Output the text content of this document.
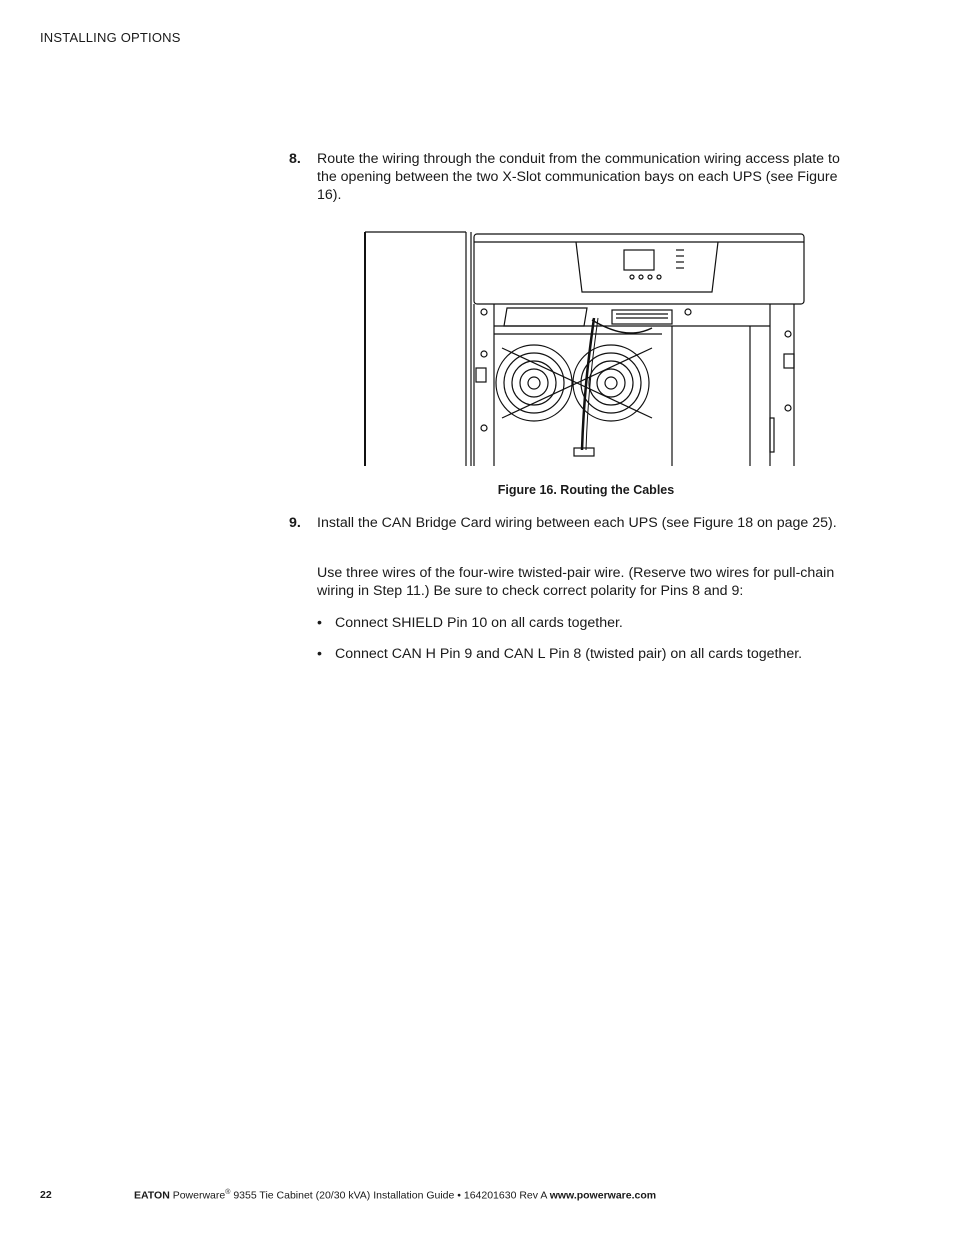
INSTALLING OPTIONS
8. Route the wiring through the conduit from the communication wiring access plate to the opening between the two X-Slot communication bays on each UPS (see Figure 16).
Figure 16. Routing the Cables
9. Install the CAN Bridge Card wiring between each UPS (see Figure 18 on page 25).
Use three wires of the four-wire twisted-pair wire. (Reserve two wires for pull-chain wiring in Step 11.) Be sure to check correct polarity for Pins 8 and 9:
• Connect SHIELD Pin 10 on all cards together.
• Connect CAN H Pin 9 and CAN L Pin 8 (twisted pair) on all cards together.
22	EATON Powerware® 9355 Tie Cabinet (20/30 kVA) Installation Guide • 164201630 Rev A www.powerware.com
